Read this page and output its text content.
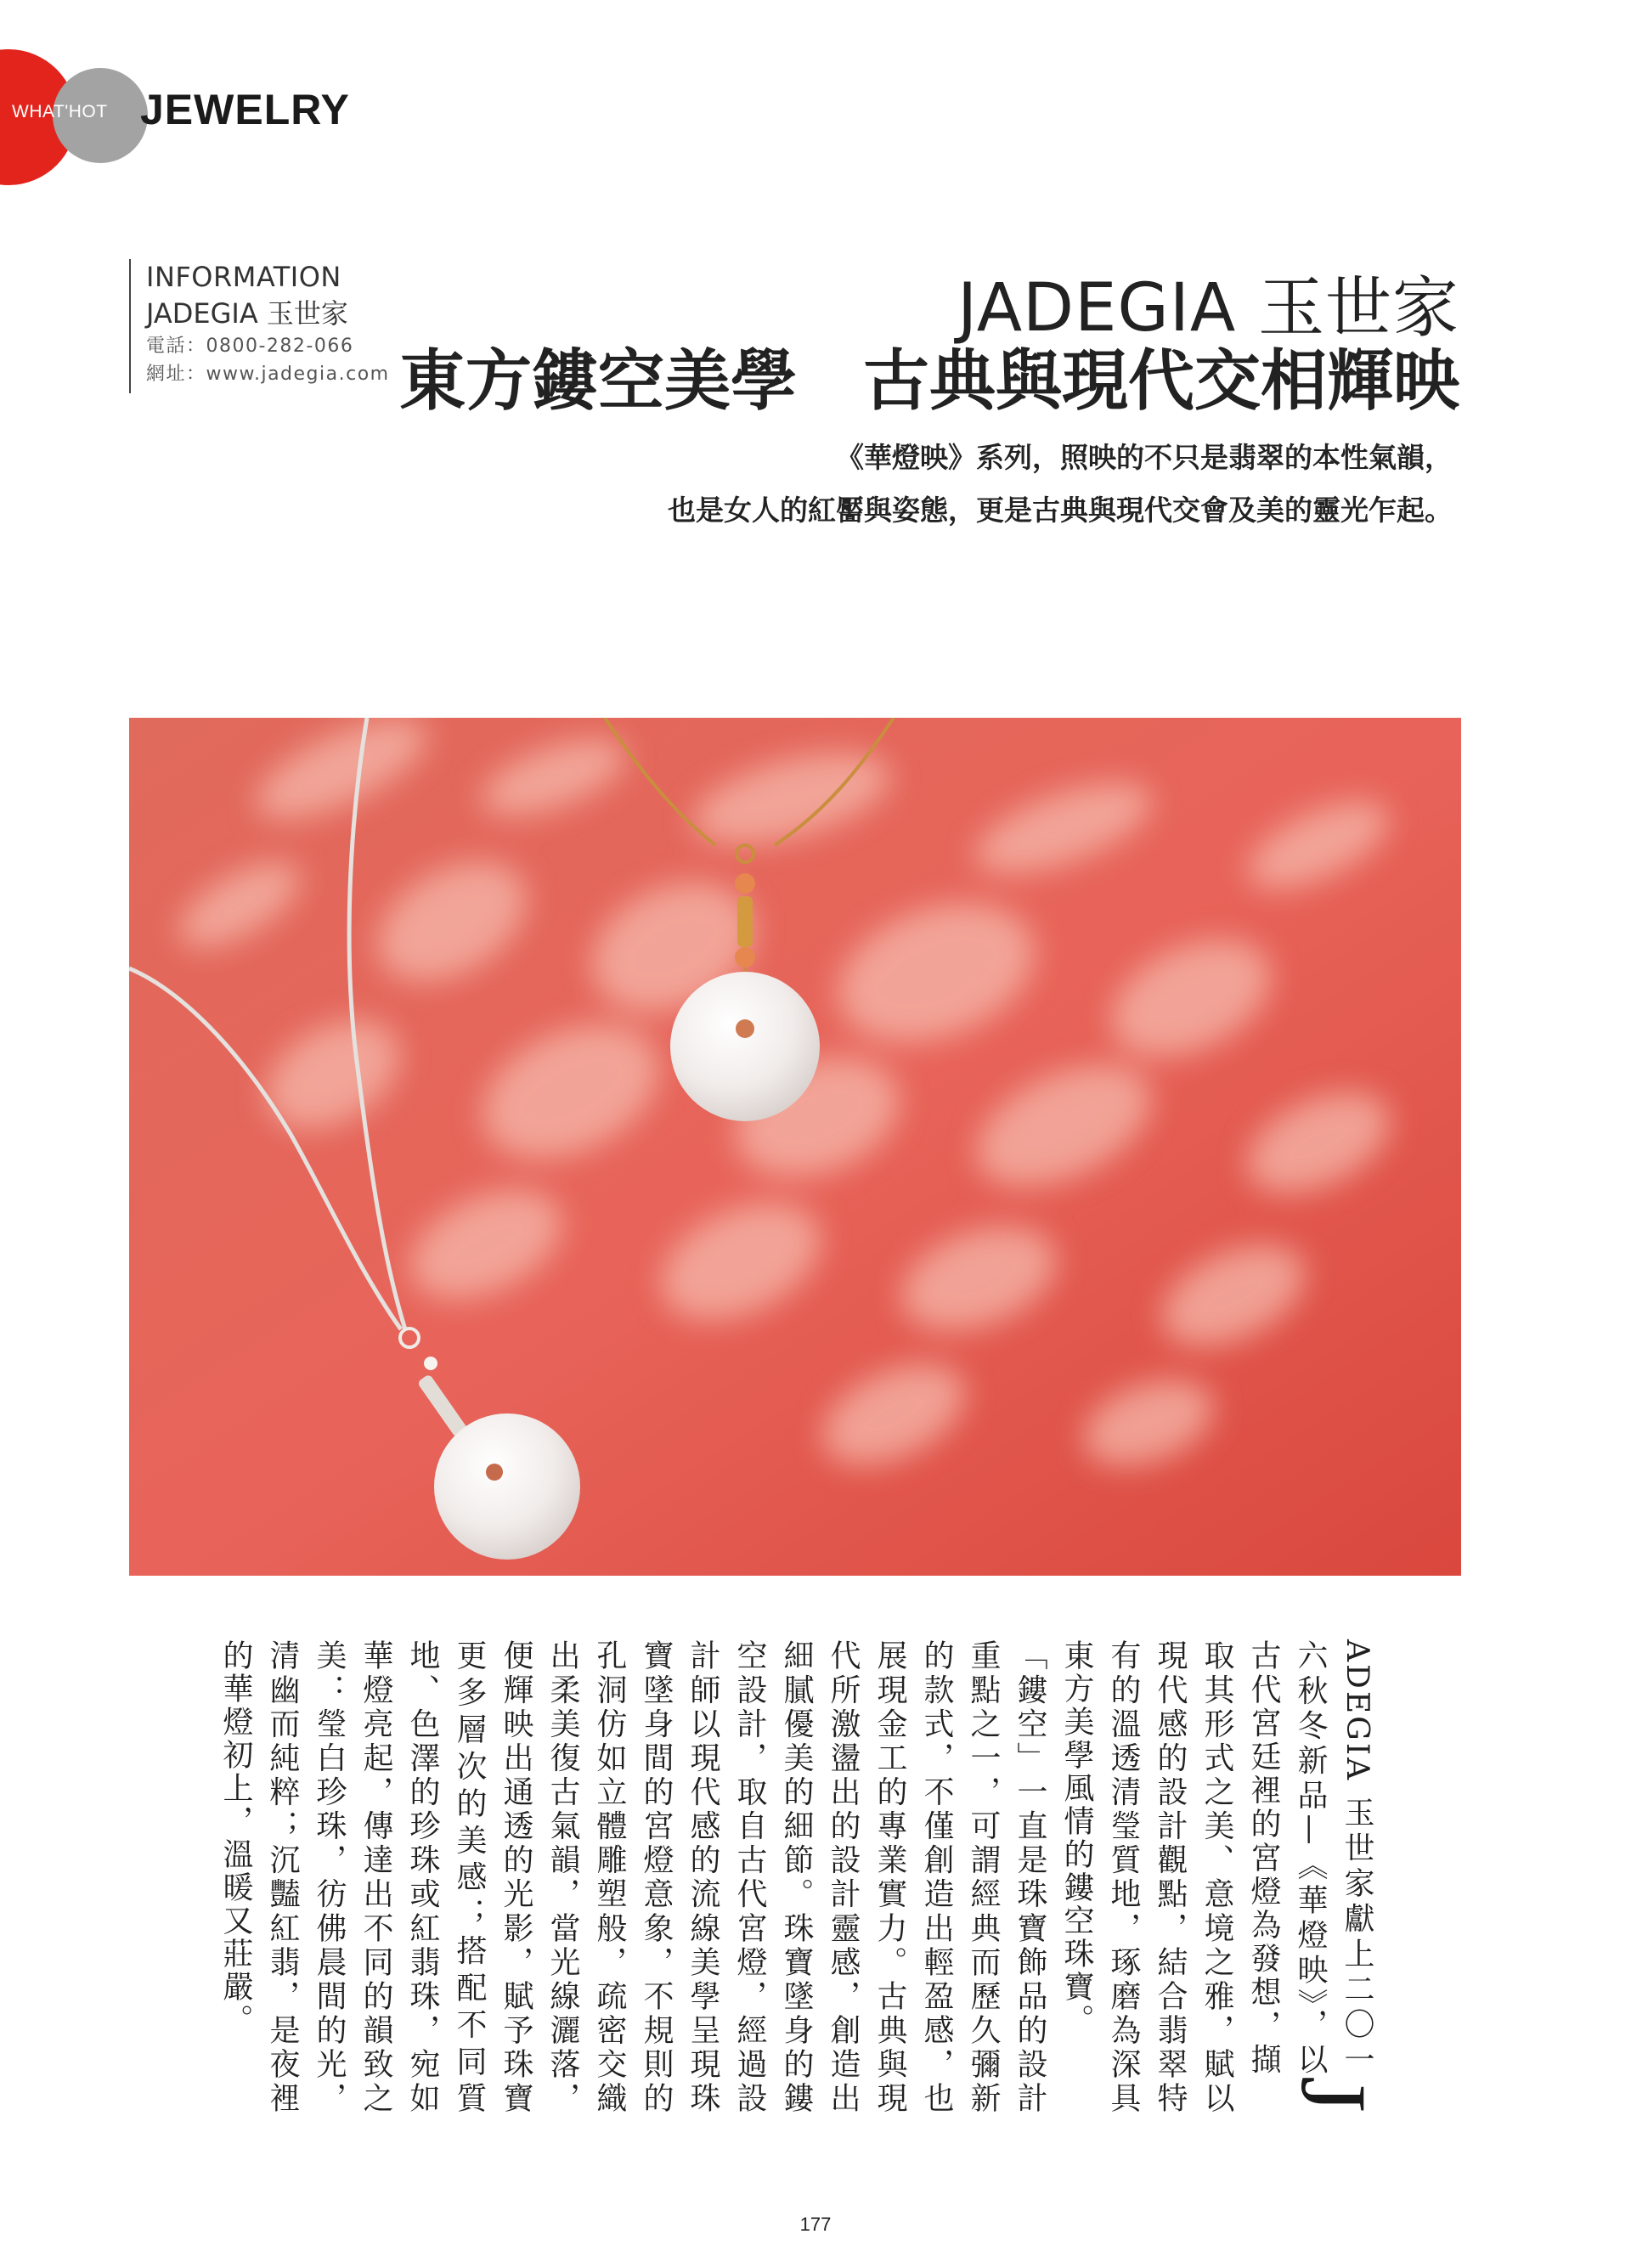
WHAT'HOT JEWELRY
INFORMATION
JADEGIA 玉世家
電話：0800-282-066
網址：www.jadegia.com
JADEGIA 玉世家
東方鏤空美學　古典與現代交相輝映
《華燈映》系列，照映的不只是翡翠的本性氣韻，
也是女人的紅靨與姿態，更是古典與現代交會及美的靈光乍起。

J
ADEGIA 玉世家獻上二〇一六秋冬新品—《華燈映》，以古代宮廷裡的宮燈為發想，擷取其形式之美、意境之雅，賦以現代感的設計觀點，結合翡翠特有的溫透清瑩質地，琢磨為深具東方美學風情的鏤空珠寶。

「鏤空」一直是珠寶飾品的設計重點之一，可謂經典而歷久彌新的款式，不僅創造出輕盈感，也展現金工的專業實力。古典與現代所激盪出的設計靈感，創造出細膩優美的細節。珠寶墜身的鏤空設計，取自古代宮燈，經過設計師以現代感的流線美學呈現珠寶墜身間的宮燈意象，不規則的孔洞仿如立體雕塑般，疏密交織出柔美復古氣韻，當光線灑落，便輝映出通透的光影，賦予珠寶更多層次的美感；搭配不同質地、色澤的珍珠或紅翡珠，宛如華燈亮起，傳達出不同的韻致之美：瑩白珍珠，彷佛晨間的光，清幽而純粹；沉豔紅翡，是夜裡的華燈初上，溫暖又莊嚴。

177
